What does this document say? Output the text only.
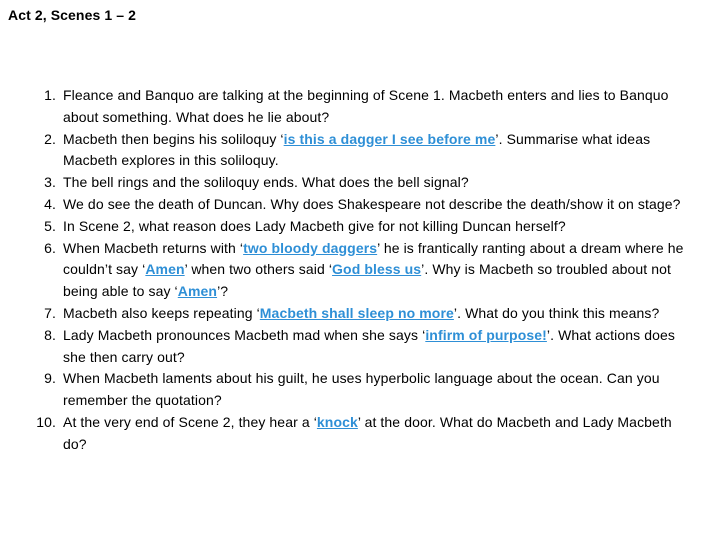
Act 2, Scenes 1 – 2
1. Fleance and Banquo are talking at the beginning of Scene 1. Macbeth enters and lies to Banquo about something. What does he lie about?
2. Macbeth then begins his soliloquy ‘is this a dagger I see before me’. Summarise what ideas Macbeth explores in this soliloquy.
3. The bell rings and the soliloquy ends. What does the bell signal?
4. We do see the death of Duncan. Why does Shakespeare not describe the death/show it on stage?
5. In Scene 2, what reason does Lady Macbeth give for not killing Duncan herself?
6. When Macbeth returns with ‘two bloody daggers’ he is frantically ranting about a dream where he couldn’t say ‘Amen’ when two others said ‘God bless us’. Why is Macbeth so troubled about not being able to say ‘Amen’?
7. Macbeth also keeps repeating ‘Macbeth shall sleep no more’. What do you think this means?
8. Lady Macbeth pronounces Macbeth mad when she says ‘infirm of purpose!’. What actions does she then carry out?
9. When Macbeth laments about his guilt, he uses hyperbolic language about the ocean. Can you remember the quotation?
10. At the very end of Scene 2, they hear a ‘knock’ at the door. What do Macbeth and Lady Macbeth do?
